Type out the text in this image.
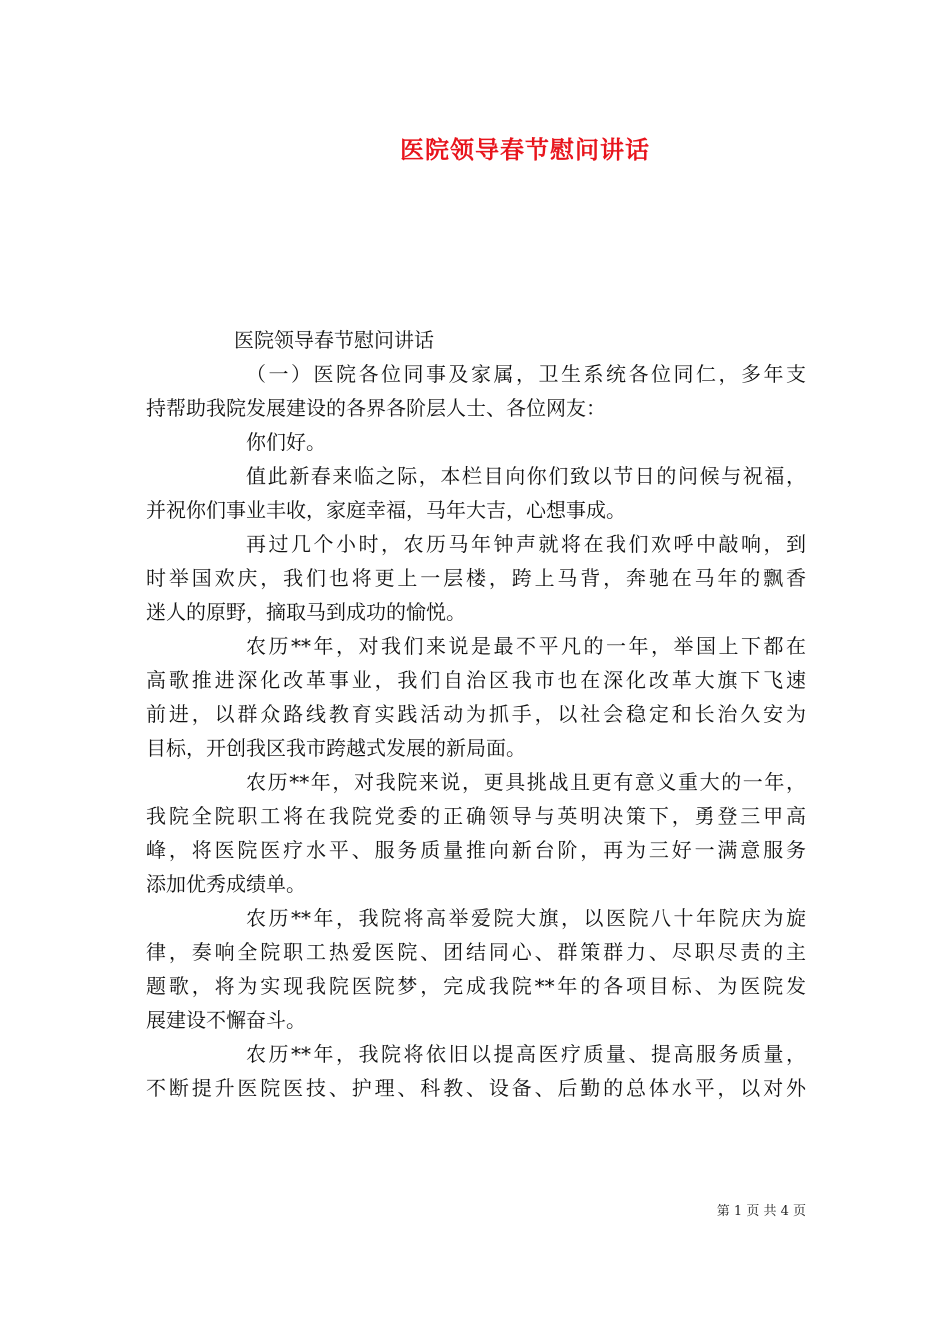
医院领导春节慰问讲话
医院领导春节慰问讲话
（一）医院各位同事及家属，卫生系统各位同仁，多年支
持帮助我院发展建设的各界各阶层人士、各位网友：
你们好。
值此新春来临之际，本栏目向你们致以节日的问候与祝福，
并祝你们事业丰收，家庭幸福，马年大吉，心想事成。
再过几个小时，农历马年钟声就将在我们欢呼中敲响，到
时举国欢庆，我们也将更上一层楼，跨上马背，奔驰在马年的飘香
迷人的原野，摘取马到成功的愉悦。
农历**年，对我们来说是最不平凡的一年，举国上下都在
高歌推进深化改革事业，我们自治区我市也在深化改革大旗下飞速
前进，以群众路线教育实践活动为抓手，以社会稳定和长治久安为
目标，开创我区我市跨越式发展的新局面。
农历**年，对我院来说，更具挑战且更有意义重大的一年，
我院全院职工将在我院党委的正确领导与英明决策下，勇登三甲高
峰，将医院医疗水平、服务质量推向新台阶，再为三好一满意服务
添加优秀成绩单。
农历**年，我院将高举爱院大旗，以医院八十年院庆为旋
律，奏响全院职工热爱医院、团结同心、群策群力、尽职尽责的主
题歌，将为实现我院医院梦，完成我院**年的各项目标、为医院发
展建设不懈奋斗。
农历**年，我院将依旧以提高医疗质量、提高服务质量，
不断提升医院医技、护理、科教、设备、后勤的总体水平，以对外
第 1 页 共 4 页
